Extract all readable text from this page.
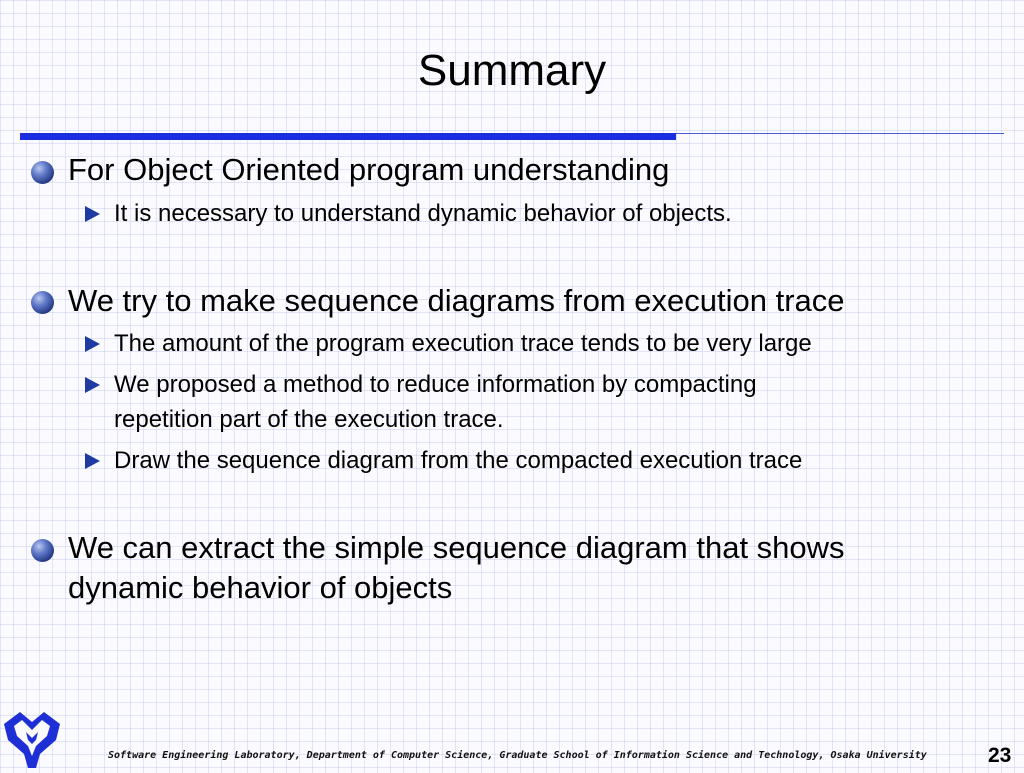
Summary
For Object Oriented program understanding
It is necessary to understand dynamic behavior of objects.
We try to make sequence diagrams from execution trace
The amount of the program execution trace tends to be very large
We proposed a method to reduce information by compacting
repetition part of the execution trace.
Draw the sequence diagram from the compacted execution trace
We can extract the simple sequence diagram that shows
dynamic behavior of objects
Software Engineering Laboratory, Department of Computer Science, Graduate School of Information Science and Technology, Osaka University	23
